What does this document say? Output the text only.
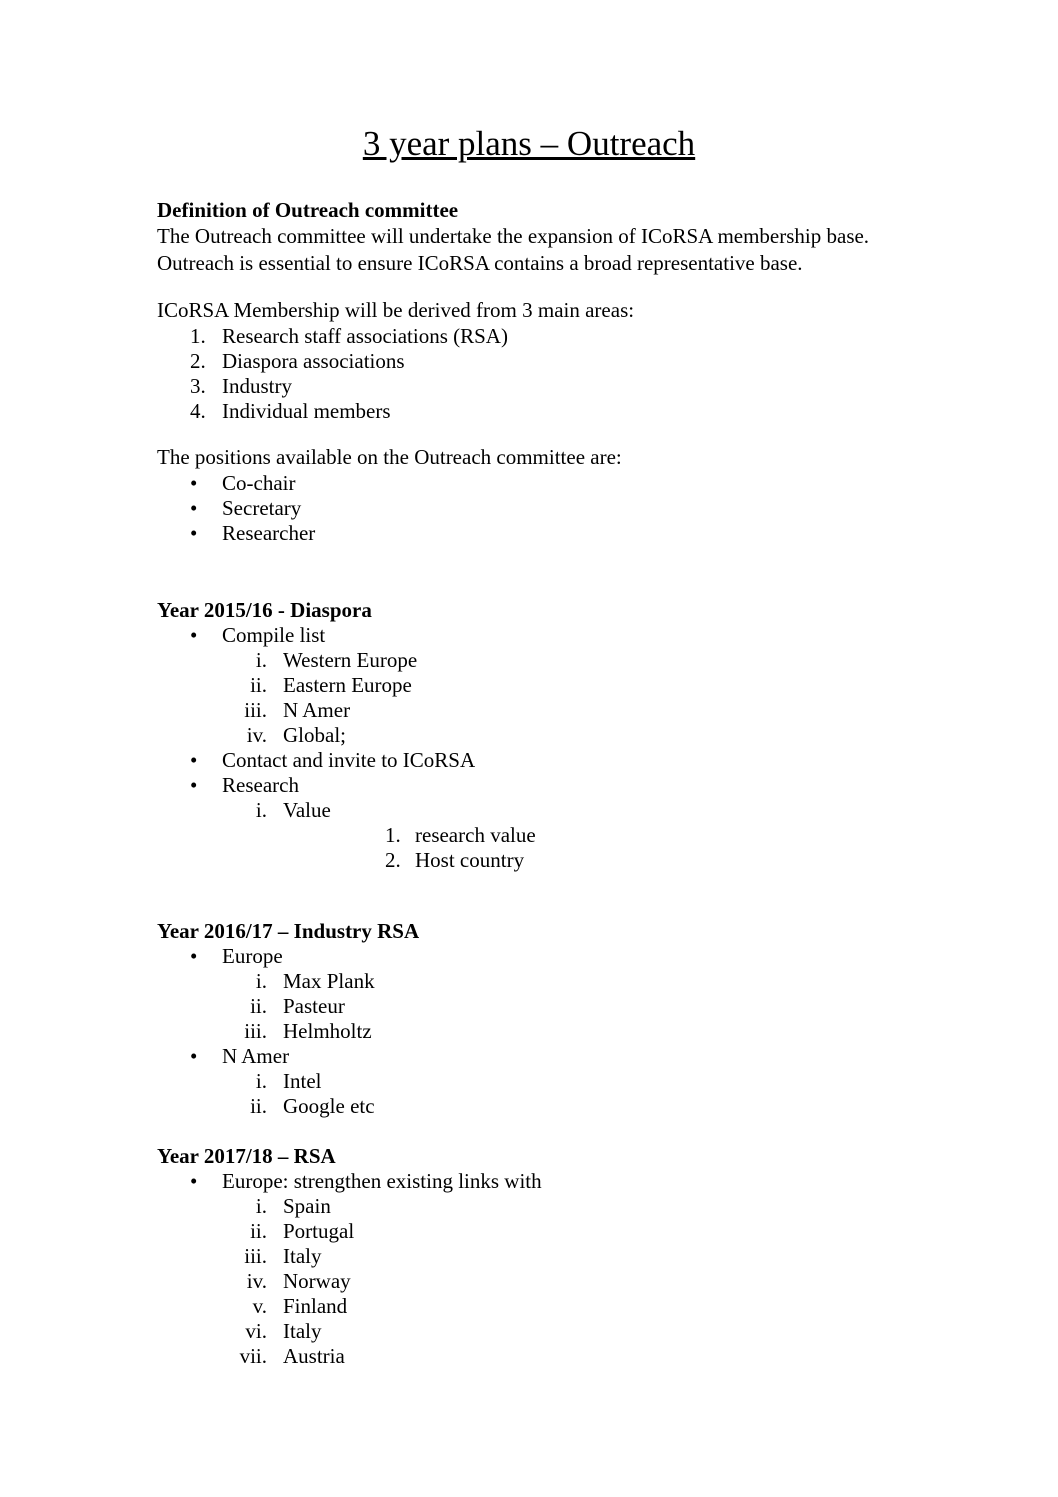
3 year plans – Outreach

Definition of Outreach committee

The Outreach committee will undertake the expansion of ICoRSA membership base.

Outreach is essential to ensure ICoRSA contains a broad representative base.

ICoRSA Membership will be derived from 3 main areas:

1. Research staff associations (RSA)
2. Diaspora associations
3. Industry
4. Individual members

The positions available on the Outreach committee are:

•	Co-chair
•	Secretary
•	Researcher

Year 2015/16 - Diaspora

•	Compile list
i. Western Europe
ii. Eastern Europe
iii. N Amer
iv. Global;
•	Contact and invite to ICoRSA
•	Research
i. Value
1. research value
2. Host country

Year 2016/17 – Industry RSA

•	Europe
i. Max Plank
ii. Pasteur
iii. Helmholtz
•	N Amer
i. Intel
ii. Google etc

Year 2017/18 – RSA

•	Europe: strengthen existing links with
i. Spain
ii. Portugal
iii. Italy
iv. Norway
v. Finland
vi. Italy
vii. Austria
